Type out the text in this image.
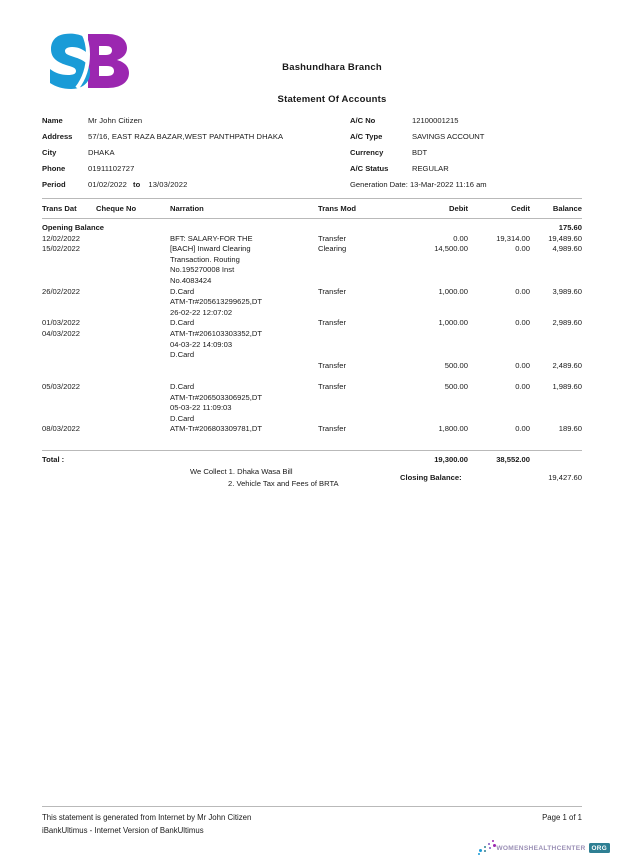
Bashundhara Branch
Statement Of Accounts
Name	Mr John Citizen	A/C No	12100001215
Address	57/16, EAST RAZA BAZAR,WEST PANTHPATH DHAKA	A/C Type	SAVINGS ACCOUNT
City	DHAKA	Currency	BDT
Phone	01911102727	A/C Status	REGULAR
Period	01/02/2022 to 13/03/2022	Generation Date: 13-Mar-2022 11:16 am
Trans Dat	Cheque No	Narration	Trans Mod	Debit	Cedit	Balance
Opening Balance	175.60
12/02/2022	BFT: SALARY-FOR THE	Transfer	0.00	19,314.00	19,489.60
15/02/2022	[BACH] Inward Clearing	Clearing	14,500.00	0.00	4,989.60
Transaction. Routing
No.195270008 Inst
No.4083424
26/02/2022	D.Card	Transfer	1,000.00	0.00	3,989.60
ATM-Tr#205613299625,DT
26-02-22 12:07:02
01/03/2022	D.Card	Transfer	1,000.00	0.00	2,989.60
04/03/2022	ATM-Tr#206103303352,DT
04-03-22 14:09:03
D.Card
Transfer	500.00	0.00	2,489.60
05/03/2022	D.Card	Transfer	500.00	0.00	1,989.60
ATM-Tr#206503306925,DT
05-03-22 11:09:03
D.Card
08/03/2022	ATM-Tr#206803309781,DT	Transfer	1,800.00	0.00	189.60
Total :	19,300.00	38,552.00
We Collect 1. Dhaka Wasa Bill
2. Vehicle Tax and Fees of BRTA
Closing Balance:	19,427.60
This statement is generated from Internet by Mr John Citizen
iBankUltimus - Internet Version of BankUltimus
Page 1 of 1
WOMENSHEALTHCENTER ORG
